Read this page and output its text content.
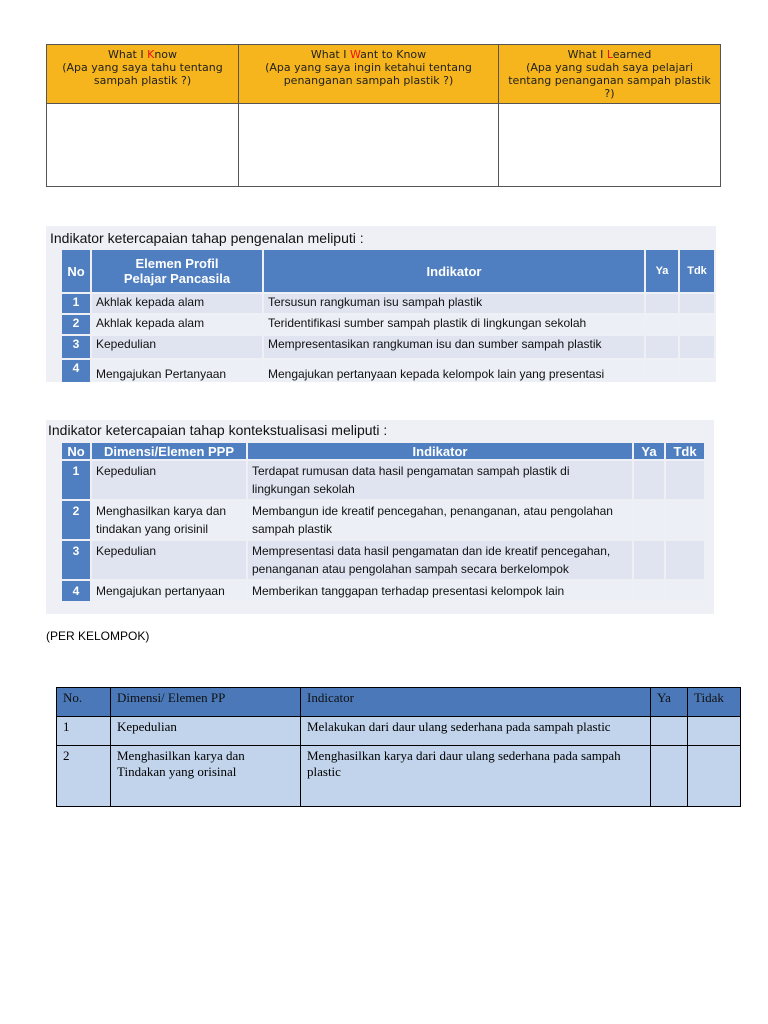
What I Know
(Apa yang saya tahu tentang sampah plastik ?)	What I Want to Know
(Apa yang saya ingin ketahui tentang penanganan sampah plastik ?)	What I Learned
(Apa yang sudah saya pelajari tentang penanganan sampah plastik ?)

Indikator ketercapaian tahap pengenalan meliputi :
No	Elemen Profil
Pelajar Pancasila	Indikator	Ya	Tdk
1	Akhlak kepada alam	Tersusun rangkuman isu sampah plastik		
2	Akhlak kepada alam	Teridentifikasi sumber sampah plastik di lingkungan sekolah		
3	Kepedulian	Mempresentasikan rangkuman isu dan sumber sampah plastik		
4	Mengajukan Pertanyaan	Mengajukan pertanyaan kepada kelompok lain yang presentasi		
Indikator ketercapaian tahap kontekstualisasi meliputi :
No	Dimensi/Elemen PPP	Indikator	Ya	Tdk
1	Kepedulian	Terdapat rumusan data hasil pengamatan sampah plastik di lingkungan sekolah		
2	Menghasilkan karya dan tindakan yang orisinil	Membangun ide kreatif pencegahan, penanganan, atau pengolahan sampah plastik		
3	Kepedulian	Mempresentasi data hasil pengamatan dan ide kreatif pencegahan, penanganan atau pengolahan sampah secara berkelompok		
4	Mengajukan pertanyaan	Memberikan tanggapan terhadap presentasi kelompok lain		
(PER KELOMPOK)
No.	Dimensi/ Elemen PP	Indicator	Ya	Tidak
1	Kepedulian	Melakukan dari daur ulang sederhana pada sampah plastic		
2	Menghasilkan karya dan Tindakan yang orisinal	Menghasilkan karya dari daur ulang sederhana pada sampah plastic		
